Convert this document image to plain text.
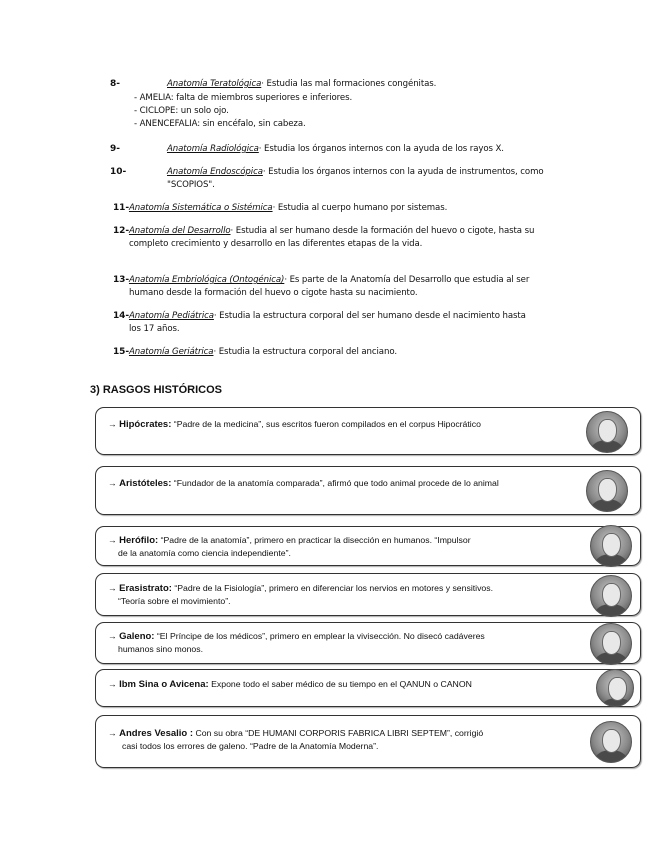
8-	Anatomía Teratológica· Estudia las mal formaciones congénitas.
- AMELIA: falta de miembros superiores e inferiores.
- CICLOPE: un solo ojo.
- ANENCEFALIA: sin encéfalo, sin cabeza.
9-	Anatomía Radiológica· Estudia los órganos internos con la ayuda de los rayos X.
10-	Anatomía Endoscópica· Estudia los órganos internos con la ayuda de instrumentos, como
"SCOPIOS".
11-Anatomía Sistemática o Sistémica· Estudia al cuerpo humano por sistemas.
12-Anatomía del Desarrollo· Estudia al ser humano desde la formación del huevo o cigote, hasta su
completo crecimiento y desarrollo en las diferentes etapas de la vida.
13-Anatomía Embriológica (Ontogénica)· Es parte de la Anatomía del Desarrollo que estudia al ser
humano desde la formación del huevo o cigote hasta su nacimiento.
14-Anatomía Pediátrica· Estudia la estructura corporal del ser humano desde el nacimiento hasta
los 17 años.
15-Anatomía Geriátrica· Estudia la estructura corporal del anciano.
3) RASGOS HISTÓRICOS
→ Hipócrates: “Padre de la medicina”, sus escritos fueron compilados en el corpus Hipocrático
→ Aristóteles: “Fundador de la anatomía comparada”, afirmó que todo animal procede de lo animal
→ Herófilo: “Padre de la anatomía”, primero en practicar la disección en humanos. “Impulsor
de la anatomía como ciencia independiente”.
→ Erasistrato: “Padre de la Fisiología”, primero en diferenciar los nervios en motores y sensitivos.
“Teoría sobre el movimiento”.
→ Galeno: “El Príncipe de los médicos”, primero en emplear la vivisección. No disecó cadáveres
humanos sino monos.
→ Ibm Sina o Avicena: Expone todo el saber médico de su tiempo en el QANUN o CANON
→ Andres Vesalio : Con su obra “DE HUMANI CORPORIS FABRICA LIBRI SEPTEM”, corrigió
casi todos los errores de galeno. “Padre de la Anatomía Moderna”.
